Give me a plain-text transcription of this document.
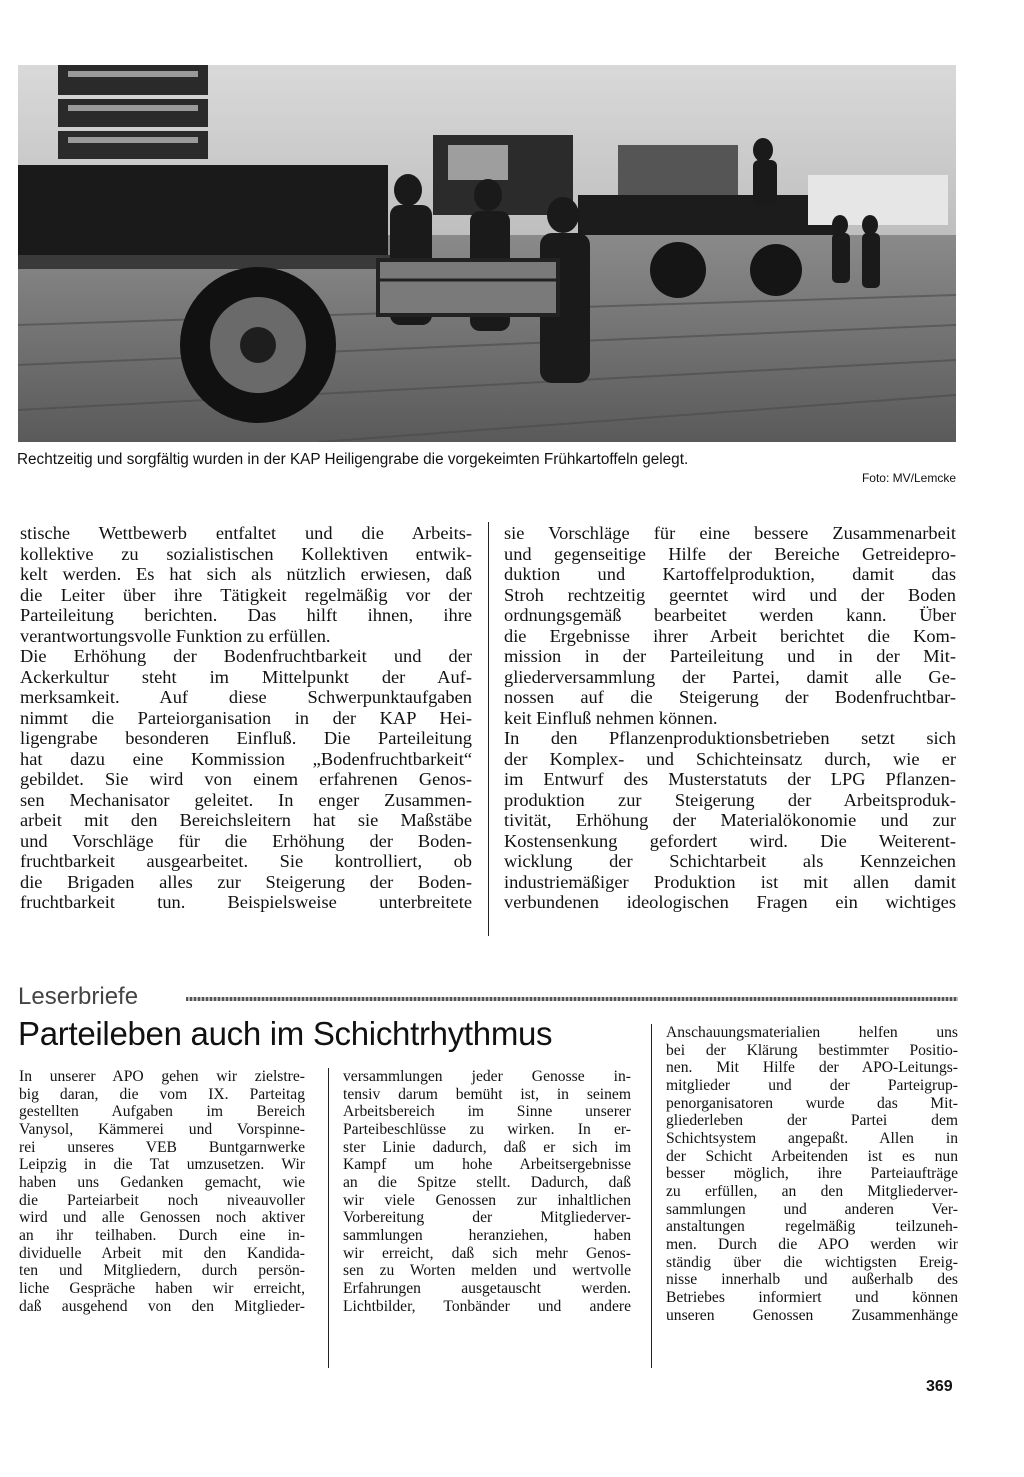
Rechtzeitig und sorgfältig wurden in der KAP Heiligengrabe die vorgekeimten Frühkartoffeln gelegt.
Foto: MV/Lemcke

stische Wettbewerb entfaltet und die Arbeits-

kollektive zu sozialistischen Kollektiven entwik-

kelt werden. Es hat sich als nützlich erwiesen, daß

die Leiter über ihre Tätigkeit regelmäßig vor der

Parteileitung berichten. Das hilft ihnen, ihre

verantwortungsvolle Funktion zu erfüllen.

Die Erhöhung der Bodenfruchtbarkeit und der

Ackerkultur steht im Mittelpunkt der Auf-

merksamkeit. Auf diese Schwerpunktaufgaben

nimmt die Parteiorganisation in der KAP Hei-

ligengrabe besonderen Einfluß. Die Parteileitung

hat dazu eine Kommission „Bodenfruchtbarkeit“

gebildet. Sie wird von einem erfahrenen Genos-

sen Mechanisator geleitet. In enger Zusammen-

arbeit mit den Bereichsleitern hat sie Maßstäbe

und Vorschläge für die Erhöhung der Boden-

fruchtbarkeit ausgearbeitet. Sie kontrolliert, ob

die Brigaden alles zur Steigerung der Boden-

fruchtbarkeit tun. Beispielsweise unterbreitete

sie Vorschläge für eine bessere Zusammenarbeit

und gegenseitige Hilfe der Bereiche Getreidepro-

duktion und Kartoffelproduktion, damit das

Stroh rechtzeitig geerntet wird und der Boden

ordnungsgemäß bearbeitet werden kann. Über

die Ergebnisse ihrer Arbeit berichtet die Kom-

mission in der Parteileitung und in der Mit-

gliederversammlung der Partei, damit alle Ge-

nossen auf die Steigerung der Bodenfruchtbar-

keit Einfluß nehmen können.

In den Pflanzenproduktionsbetrieben setzt sich

der Komplex- und Schichteinsatz durch, wie er

im Entwurf des Musterstatuts der LPG Pflanzen-

produktion zur Steigerung der Arbeitsproduk-

tivität, Erhöhung der Materialökonomie und zur

Kostensenkung gefordert wird. Die Weiterent-

wicklung der Schichtarbeit als Kennzeichen

industriemäßiger Produktion ist mit allen damit

verbundenen ideologischen Fragen ein wichtiges

Leserbriefe
Parteileben auch im Schichtrhythmus

In unserer APO gehen wir zielstre-

big daran, die vom IX. Parteitag

gestellten Aufgaben im Bereich

Vanysol, Kämmerei und Vorspinne-

rei unseres VEB Buntgarnwerke

Leipzig in die Tat umzusetzen. Wir

haben uns Gedanken gemacht, wie

die Parteiarbeit noch niveauvoller

wird und alle Genossen noch aktiver

an ihr teilhaben. Durch eine in-

dividuelle Arbeit mit den Kandida-

ten und Mitgliedern, durch persön-

liche Gespräche haben wir erreicht,

daß ausgehend von den Mitglieder-

versammlungen jeder Genosse in-

tensiv darum bemüht ist, in seinem

Arbeitsbereich im Sinne unserer

Parteibeschlüsse zu wirken. In er-

ster Linie dadurch, daß er sich im

Kampf um hohe Arbeitsergebnisse

an die Spitze stellt. Dadurch, daß

wir viele Genossen zur inhaltlichen

Vorbereitung der Mitgliederver-

sammlungen heranziehen, haben

wir erreicht, daß sich mehr Genos-

sen zu Worten melden und wertvolle

Erfahrungen ausgetauscht werden.

Lichtbilder, Tonbänder und andere

Anschauungsmaterialien helfen uns

bei der Klärung bestimmter Positio-

nen. Mit Hilfe der APO-Leitungs-

mitglieder und der Parteigrup-

penorganisatoren wurde das Mit-

gliederleben der Partei dem

Schichtsystem angepaßt. Allen in

der Schicht Arbeitenden ist es nun

besser möglich, ihre Parteiaufträge

zu erfüllen, an den Mitgliederver-

sammlungen und anderen Ver-

anstaltungen regelmäßig teilzuneh-

men. Durch die APO werden wir

ständig über die wichtigsten Ereig-

nisse innerhalb und außerhalb des

Betriebes informiert und können

unseren Genossen Zusammenhänge

369
